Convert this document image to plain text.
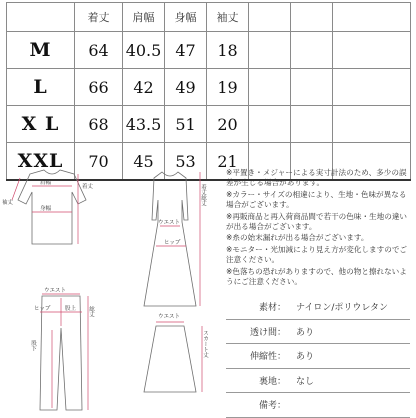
	着丈	肩幅	身幅	袖丈			
M	64	40.5	47	18			
L	66	42	49	19			
X L	68	43.5	51	20			
XXL	70	45	53	21			
肩幅
身幅
着丈
袖丈
ウエスト
ヒップ
着丈総丈
ウエスト
ヒップ	股上
股下
総丈	ウエスト
スカート丈
※平置き・メジャーによる実寸計法のため、多少の誤差が生じる場合があります。
※カラー・サイズの相違により、生地・色味が異なる場合がございます。
※再販商品と再入荷商品間で若干の色味・生地の違いが出る場合がございます。
※糸の始末漏れが出る場合がございます。
※モニター・光加減により見え方が変化しますのでご注意ください。
※色落ちの恐れがありますので、他の物と擦れないようにご注意ください。
素材：	ナイロン/ポリウレタン
透け間：	あり
伸縮性：	あり
裏地：	なし
備考：
